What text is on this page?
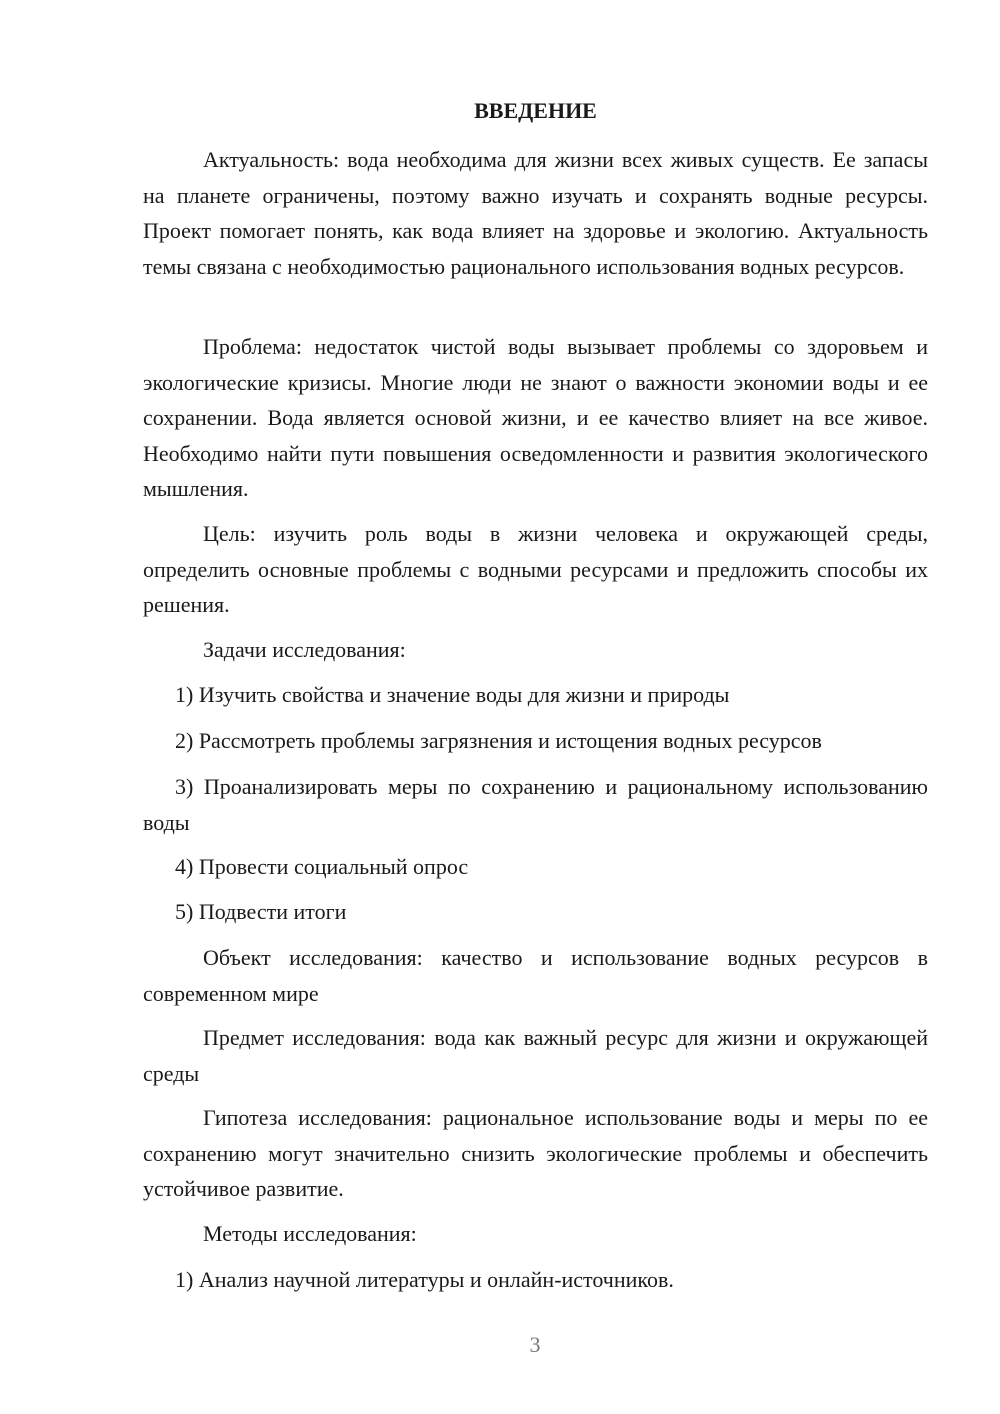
ВВЕДЕНИЕ

Актуальность: вода необходима для жизни всех живых существ. Ее запасы на планете ограничены, поэтому важно изучать и сохранять водные ресурсы. Проект помогает понять, как вода влияет на здоровье и экологию. Актуальность темы связана с необходимостью рационального использования водных ресурсов.

Проблема: недостаток чистой воды вызывает проблемы со здоровьем и экологические кризисы. Многие люди не знают о важности экономии воды и ее сохранении. Вода является основой жизни, и ее качество влияет на все живое. Необходимо найти пути повышения осведомленности и развития экологического мышления.

Цель: изучить роль воды в жизни человека и окружающей среды, определить основные проблемы с водными ресурсами и предложить способы их решения.

Задачи исследования:

1) Изучить свойства и значение воды для жизни и природы

2) Рассмотреть проблемы загрязнения и истощения водных ресурсов

3) Проанализировать меры по сохранению и рациональному использованию воды

4) Провести социальный опрос

5) Подвести итоги

Объект исследования: качество и использование водных ресурсов в современном мире

Предмет исследования: вода как важный ресурс для жизни и окружающей среды

Гипотеза исследования: рациональное использование воды и меры по ее сохранению могут значительно снизить экологические проблемы и обеспечить устойчивое развитие.

Методы исследования:

1) Анализ научной литературы и онлайн-источников.

3
